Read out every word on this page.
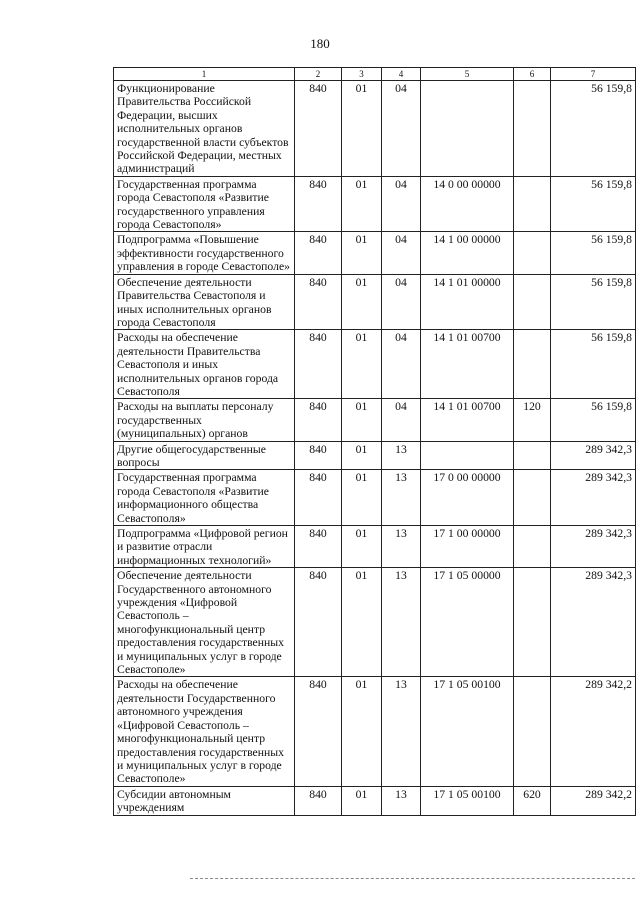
180
1	2	3	4	5	6	7
Функционирование Правительства Российской Федерации, высших исполнительных органов государственной власти субъектов Российской Федерации, местных администраций	840	01	04			56 159,8
Государственная программа города Севастополя «Развитие государственного управления города Севастополя»	840	01	04	14 0 00 00000		56 159,8
Подпрограмма «Повышение эффективности государственного управления в городе Севастополе»	840	01	04	14 1 00 00000		56 159,8
Обеспечение деятельности Правительства Севастополя и иных исполнительных органов города Севастополя	840	01	04	14 1 01 00000		56 159,8
Расходы на обеспечение деятельности Правительства Севастополя и иных исполнительных органов города Севастополя	840	01	04	14 1 01 00700		56 159,8
Расходы на выплаты персоналу государственных (муниципальных) органов	840	01	04	14 1 01 00700	120	56 159,8
Другие общегосударственные вопросы	840	01	13			289 342,3
Государственная программа города Севастополя «Развитие информационного общества Севастополя»	840	01	13	17 0 00 00000		289 342,3
Подпрограмма «Цифровой регион и развитие отрасли информационных технологий»	840	01	13	17 1 00 00000		289 342,3
Обеспечение деятельности Государственного автономного учреждения «Цифровой Севастополь – многофункциональный центр предоставления государственных и муниципальных услуг в городе Севастополе»	840	01	13	17 1 05 00000		289 342,3
Расходы на обеспечение деятельности Государственного автономного учреждения «Цифровой Севастополь – многофункциональный центр предоставления государственных и муниципальных услуг в городе Севастополе»	840	01	13	17 1 05 00100		289 342,2
Субсидии автономным учреждениям	840	01	13	17 1 05 00100	620	289 342,2
